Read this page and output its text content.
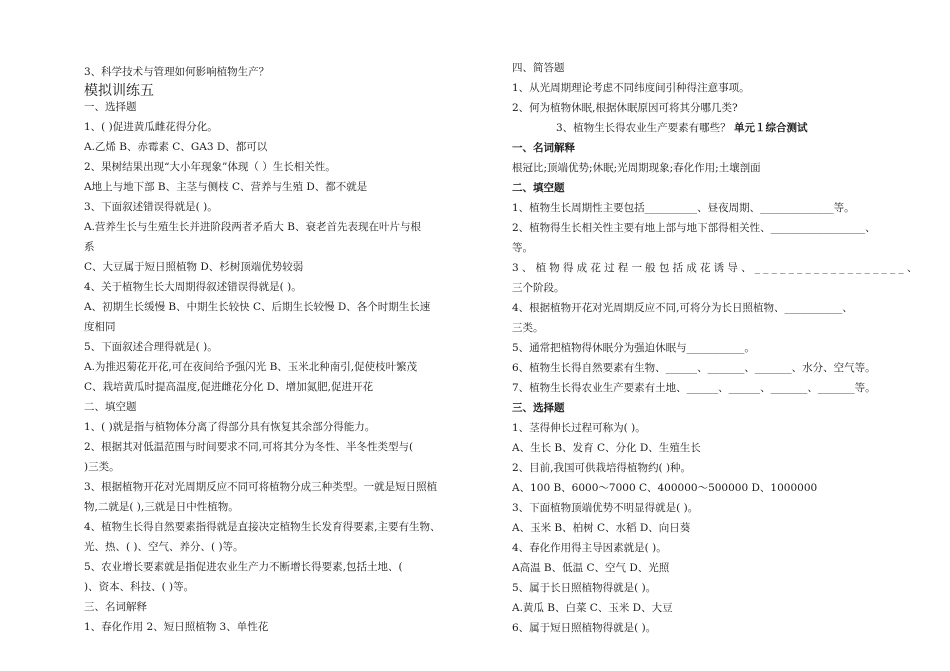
3、科学技术与管理如何影响植物生产？
模拟训练五
一、选择题
1、( )促进黄瓜雌花得分化。
A.乙烯 B、赤霉素 C、GA3 D、都可以
2、果树结果出现“大小年现象”体现（ ）生长相关性。
A地上与地下部 B、主茎与侧枝 C、营养与生殖 D、都不就是
3、下面叙述错误得就是( )。
A.营养生长与生殖生长并进阶段两者矛盾大 B、衰老首先表现在叶片与根
系
C、大豆属于短日照植物 D、杉树顶端优势较弱
4、关于植物生长大周期得叙述错误得就是( )。
A、初期生长缓慢 B、中期生长较快 C、后期生长较慢 D、各个时期生长速
度相同
5、下面叙述合理得就是( )。
A.为推迟菊花开花,可在夜间给予强闪光 B、玉米北种南引,促使枝叶繁茂
C、栽培黄瓜时提高温度,促进雌花分化 D、增加氮肥,促进开花
二、填空题
1、( )就是指与植物体分离了得部分具有恢复其余部分得能力。
2、根据其对低温范围与时间要求不同,可将其分为冬性、半冬性类型与(
)三类。
3、根据植物开花对光周期反应不同可将植物分成三种类型。一就是短日照植
物,二就是( ),三就是日中性植物。
4、植物生长得自然要素指得就是直接决定植物生长发育得要素,主要有生物、
光、热、( )、空气、养分、( )等。
5、农业增长要素就是指促进农业生产力不断增长得要素,包括土地、(
)、资本、科技、( )等。
三、名词解释
1、春化作用 2、短日照植物 3、单性花
四、简答题
1、从光周期理论考虑不同纬度间引种得注意事项。
2、何为植物休眠,根据休眠原因可将其分哪几类?
3、植物生长得农业生产要素有哪些？ 单元１综合测试
一、名词解释
根冠比;顶端优势;休眠;光周期现象;春化作用;土壤剖面
二、填空题
1、植物生长周期性主要包括__________、昼夜周期、______________等。
2、植物得生长相关性主要有地上部与地下部得相关性、__________________、
等。
3、植物得成花过程一般包括成花诱导、__________________、
三个阶段。
4、根据植物开花对光周期反应不同,可将分为长日照植物、___________、
三类。
5、通常把植物得休眠分为强迫休眠与___________。
6、植物生长得自然要素有生物、______、_______、_______、水分、空气等。
7、植物生长得农业生产要素有土地、______、______、_______、_______等。
三、选择题
1、茎得伸长过程可称为( )。
A、生长 B、发育 C、分化 D、生殖生长
2、目前,我国可供栽培得植物约( )种。
A、100 B、6000～7000 C、400000～500000 D、1000000
3、下面植物顶端优势不明显得就是( )。
A、玉米 B、柏树 C、水稻 D、向日葵
4、春化作用得主导因素就是( )。
A高温 B、低温 C、空气 D、光照
5、属于长日照植物得就是( )。
A.黄瓜 B、白菜 C、玉米 D、大豆
6、属于短日照植物得就是( )。
